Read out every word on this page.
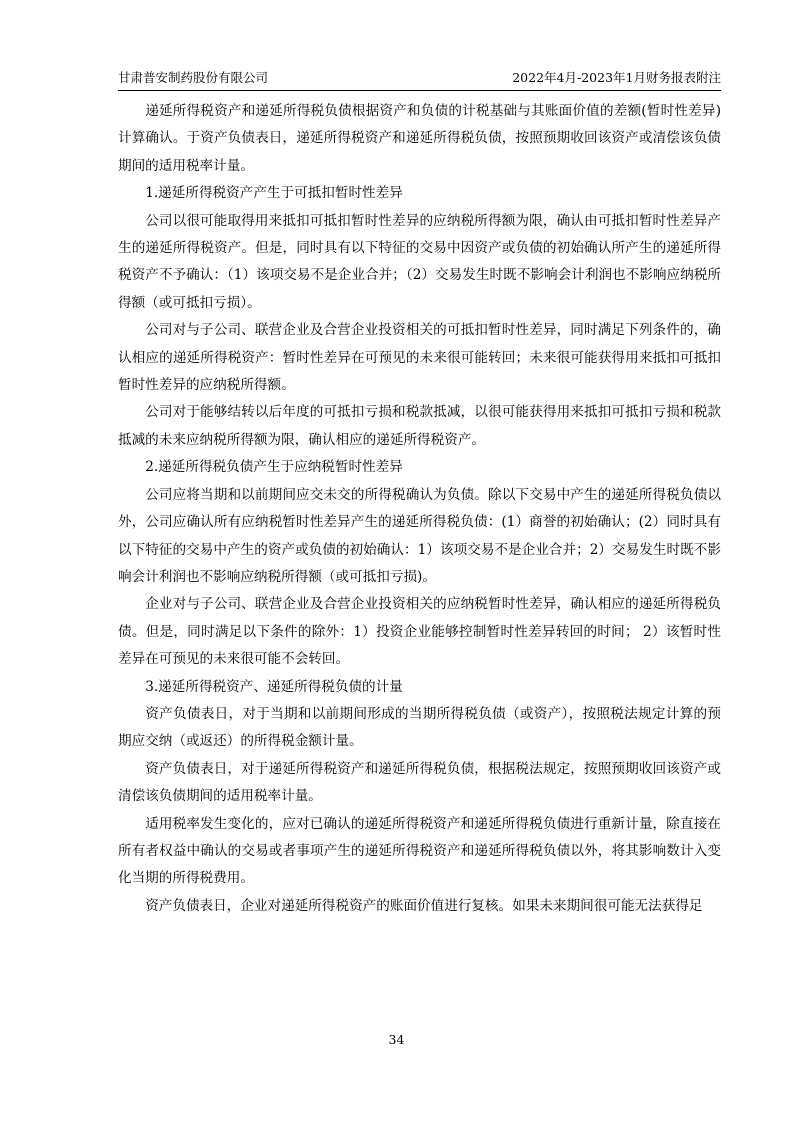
甘肃普安制药股份有限公司	2022年4月-2023年1月财务报表附注

递延所得税资产和递延所得税负债根据资产和负债的计税基础与其账面价值的差额(暂时性差异)计算确认。于资产负债表日，递延所得税资产和递延所得税负债，按照预期收回该资产或清偿该负债期间的适用税率计量。

1.递延所得税资产产生于可抵扣暂时性差异

公司以很可能取得用来抵扣可抵扣暂时性差异的应纳税所得额为限，确认由可抵扣暂时性差异产生的递延所得税资产。但是，同时具有以下特征的交易中因资产或负债的初始确认所产生的递延所得税资产不予确认：（1）该项交易不是企业合并；（2）交易发生时既不影响会计利润也不影响应纳税所得额（或可抵扣亏损）。

公司对与子公司、联营企业及合营企业投资相关的可抵扣暂时性差异，同时满足下列条件的，确认相应的递延所得税资产：暂时性差异在可预见的未来很可能转回；未来很可能获得用来抵扣可抵扣暂时性差异的应纳税所得额。

公司对于能够结转以后年度的可抵扣亏损和税款抵减，以很可能获得用来抵扣可抵扣亏损和税款抵减的未来应纳税所得额为限，确认相应的递延所得税资产。

2.递延所得税负债产生于应纳税暂时性差异

公司应将当期和以前期间应交未交的所得税确认为负债。除以下交易中产生的递延所得税负债以外，公司应确认所有应纳税暂时性差异产生的递延所得税负债：(1）商誉的初始确认；(2）同时具有以下特征的交易中产生的资产或负债的初始确认：1）该项交易不是企业合并；2）交易发生时既不影响会计利润也不影响应纳税所得额（或可抵扣亏损)。

企业对与子公司、联营企业及合营企业投资相关的应纳税暂时性差异，确认相应的递延所得税负债。但是，同时满足以下条件的除外：1）投资企业能够控制暂时性差异转回的时间； 2）该暂时性差异在可预见的未来很可能不会转回。

3.递延所得税资产、递延所得税负债的计量

资产负债表日，对于当期和以前期间形成的当期所得税负债（或资产），按照税法规定计算的预期应交纳（或返还）的所得税金额计量。

资产负债表日，对于递延所得税资产和递延所得税负债，根据税法规定，按照预期收回该资产或清偿该负债期间的适用税率计量。

适用税率发生变化的，应对已确认的递延所得税资产和递延所得税负债进行重新计量，除直接在所有者权益中确认的交易或者事项产生的递延所得税资产和递延所得税负债以外，将其影响数计入变化当期的所得税费用。

资产负债表日，企业对递延所得税资产的账面价值进行复核。如果未来期间很可能无法获得足

34
